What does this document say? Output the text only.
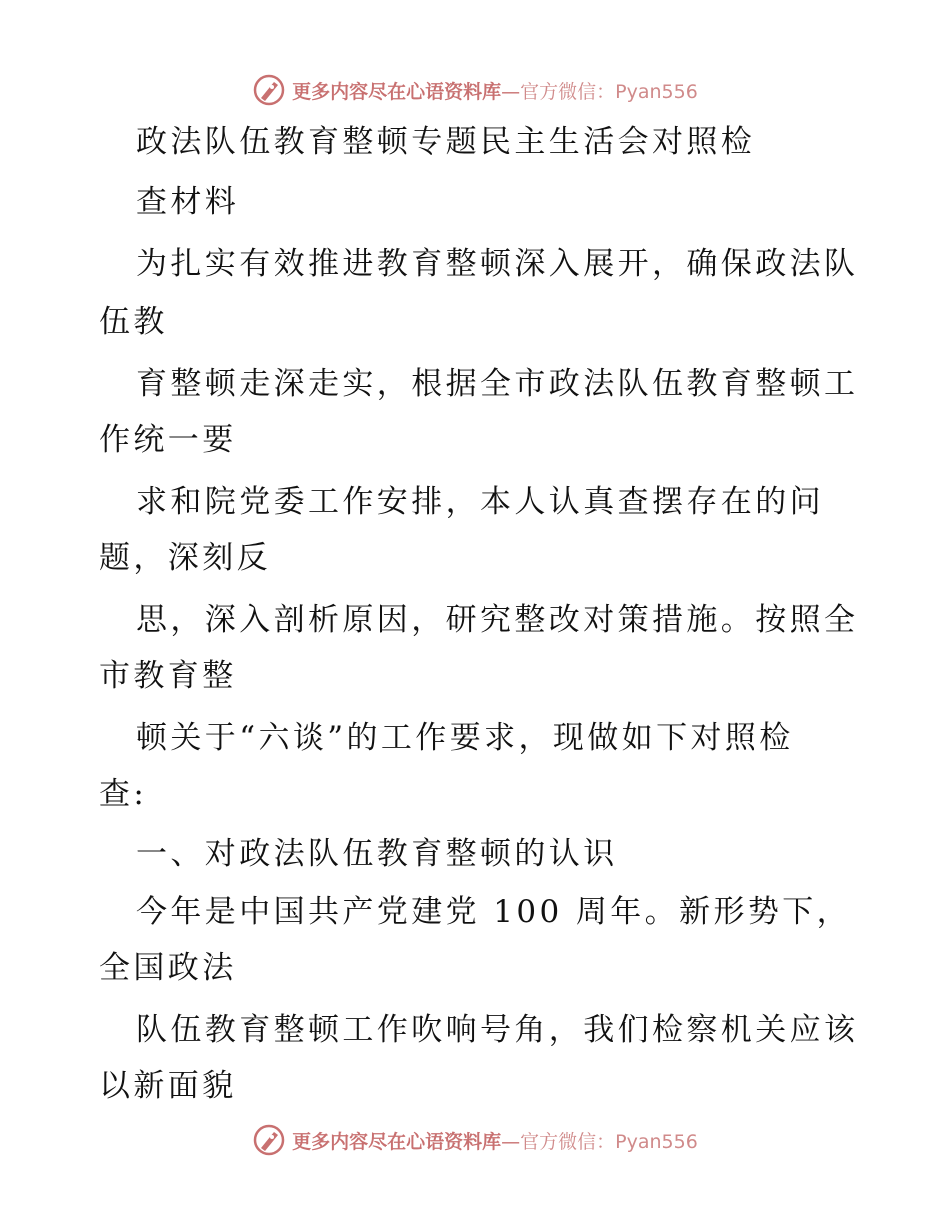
更多内容尽在心语资料库—官方微信：Pyan556
政法队伍教育整顿专题民主生活会对照检
查材料
为扎实有效推进教育整顿深入展开，确保政法队
伍教
育整顿走深走实，根据全市政法队伍教育整顿工
作统一要
求和院党委工作安排，本人认真查摆存在的问
题，深刻反
思，深入剖析原因，研究整改对策措施。按照全
市教育整
顿关于“六谈”的工作要求，现做如下对照检
查:
一、对政法队伍教育整顿的认识
今年是中国共产党建党 100 周年。新形势下，
全国政法
队伍教育整顿工作吹响号角，我们检察机关应该
以新面貌
更多内容尽在心语资料库—官方微信：Pyan556
